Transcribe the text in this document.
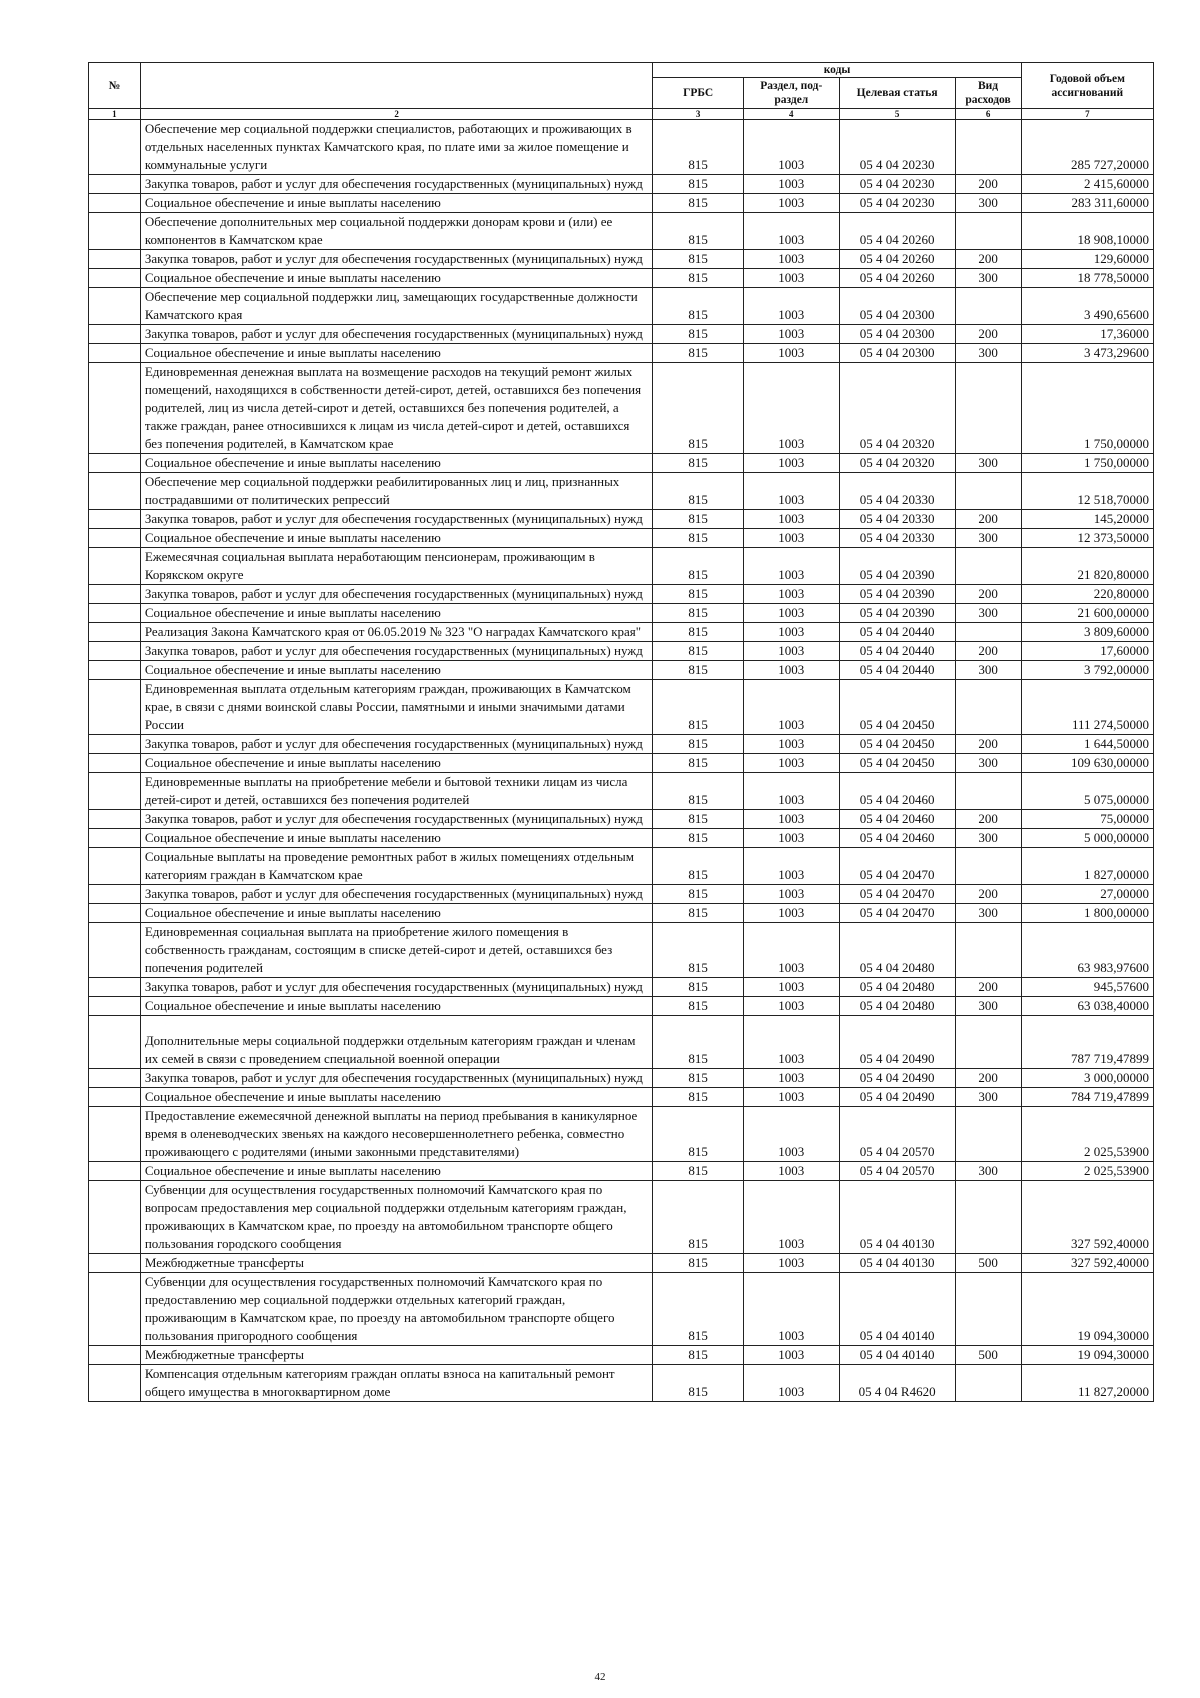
№		коды				Годовой объем ассигнований
		ГРБС	Раздел, под-раздел	Целевая статья	Вид расходов	
1	2	3	4	5	6	7
	Обеспечение мер социальной поддержки специалистов, работающих и проживающих в отдельных населенных пунктах Камчатского края, по плате ими за жилое помещение и коммунальные услуги	815	1003	05 4 04 20230		285 727,20000
	Закупка товаров, работ и услуг для обеспечения государственных (муниципальных) нужд	815	1003	05 4 04 20230	200	2 415,60000
	Социальное обеспечение и иные выплаты населению	815	1003	05 4 04 20230	300	283 311,60000
	Обеспечение дополнительных мер социальной поддержки донорам крови и (или) ее компонентов в Камчатском крае	815	1003	05 4 04 20260		18 908,10000
	Закупка товаров, работ и услуг для обеспечения государственных (муниципальных) нужд	815	1003	05 4 04 20260	200	129,60000
	Социальное обеспечение и иные выплаты населению	815	1003	05 4 04 20260	300	18 778,50000
	Обеспечение мер социальной поддержки лиц, замещающих государственные должности Камчатского края	815	1003	05 4 04 20300		3 490,65600
	Закупка товаров, работ и услуг для обеспечения государственных (муниципальных) нужд	815	1003	05 4 04 20300	200	17,36000
	Социальное обеспечение и иные выплаты населению	815	1003	05 4 04 20300	300	3 473,29600
	Единовременная денежная выплата на возмещение расходов на текущий ремонт жилых помещений, находящихся в собственности детей-сирот, детей, оставшихся без попечения родителей, лиц из числа детей-сирот и детей, оставшихся без попечения родителей, а также граждан, ранее относившихся к лицам из числа детей-сирот и детей, оставшихся без попечения родителей, в Камчатском крае	815	1003	05 4 04 20320		1 750,00000
	Социальное обеспечение и иные выплаты населению	815	1003	05 4 04 20320	300	1 750,00000
	Обеспечение мер социальной поддержки реабилитированных лиц и лиц, признанных пострадавшими от политических репрессий	815	1003	05 4 04 20330		12 518,70000
	Закупка товаров, работ и услуг для обеспечения государственных (муниципальных) нужд	815	1003	05 4 04 20330	200	145,20000
	Социальное обеспечение и иные выплаты населению	815	1003	05 4 04 20330	300	12 373,50000
	Ежемесячная социальная выплата неработающим пенсионерам, проживающим в Корякском округе	815	1003	05 4 04 20390		21 820,80000
	Закупка товаров, работ и услуг для обеспечения государственных (муниципальных) нужд	815	1003	05 4 04 20390	200	220,80000
	Социальное обеспечение и иные выплаты населению	815	1003	05 4 04 20390	300	21 600,00000
	Реализация Закона Камчатского края от 06.05.2019 № 323 "О наградах Камчатского края"	815	1003	05 4 04 20440		3 809,60000
	Закупка товаров, работ и услуг для обеспечения государственных (муниципальных) нужд	815	1003	05 4 04 20440	200	17,60000
	Социальное обеспечение и иные выплаты населению	815	1003	05 4 04 20440	300	3 792,00000
	Единовременная выплата отдельным категориям граждан, проживающих в Камчатском крае, в связи с днями воинской славы России, памятными и иными значимыми датами России	815	1003	05 4 04 20450		111 274,50000
	Закупка товаров, работ и услуг для обеспечения государственных (муниципальных) нужд	815	1003	05 4 04 20450	200	1 644,50000
	Социальное обеспечение и иные выплаты населению	815	1003	05 4 04 20450	300	109 630,00000
	Единовременные выплаты на приобретение мебели и бытовой техники лицам из числа детей-сирот и детей, оставшихся без попечения родителей	815	1003	05 4 04 20460		5 075,00000
	Закупка товаров, работ и услуг для обеспечения государственных (муниципальных) нужд	815	1003	05 4 04 20460	200	75,00000
	Социальное обеспечение и иные выплаты населению	815	1003	05 4 04 20460	300	5 000,00000
	Социальные выплаты на проведение ремонтных работ в жилых помещениях отдельным категориям граждан в Камчатском крае	815	1003	05 4 04 20470		1 827,00000
	Закупка товаров, работ и услуг для обеспечения государственных (муниципальных) нужд	815	1003	05 4 04 20470	200	27,00000
	Социальное обеспечение и иные выплаты населению	815	1003	05 4 04 20470	300	1 800,00000
	Единовременная социальная выплата на приобретение жилого помещения в собственность гражданам, состоящим в списке детей-сирот и детей, оставшихся без попечения родителей	815	1003	05 4 04 20480		63 983,97600
	Закупка товаров, работ и услуг для обеспечения государственных (муниципальных) нужд	815	1003	05 4 04 20480	200	945,57600
	Социальное обеспечение и иные выплаты населению	815	1003	05 4 04 20480	300	63 038,40000
	Дополнительные меры социальной поддержки отдельным категориям граждан и членам их семей в связи с проведением специальной военной операции	815	1003	05 4 04 20490		787 719,47899
	Закупка товаров, работ и услуг для обеспечения государственных (муниципальных) нужд	815	1003	05 4 04 20490	200	3 000,00000
	Социальное обеспечение и иные выплаты населению	815	1003	05 4 04 20490	300	784 719,47899
	Предоставление ежемесячной денежной выплаты на период пребывания в каникулярное время в оленеводческих звеньях на каждого несовершеннолетнего ребенка, совместно проживающего с родителями (иными законными представителями)	815	1003	05 4 04 20570		2 025,53900
	Социальное обеспечение и иные выплаты населению	815	1003	05 4 04 20570	300	2 025,53900
	Субвенции для осуществления государственных полномочий Камчатского края по вопросам предоставления мер социальной поддержки отдельным категориям граждан, проживающих в Камчатском крае, по проезду на автомобильном транспорте общего пользования городского сообщения	815	1003	05 4 04 40130		327 592,40000
	Межбюджетные трансферты	815	1003	05 4 04 40130	500	327 592,40000
	Субвенции для осуществления государственных полномочий Камчатского края по предоставлению мер социальной поддержки отдельных категорий граждан, проживающим в Камчатском крае, по проезду на автомобильном транспорте общего пользования пригородного сообщения	815	1003	05 4 04 40140		19 094,30000
	Межбюджетные трансферты	815	1003	05 4 04 40140	500	19 094,30000
	Компенсация отдельным категориям граждан оплаты взноса на капитальный ремонт общего имущества в многоквартирном доме	815	1003	05 4 04 R4620		11 827,20000
42
